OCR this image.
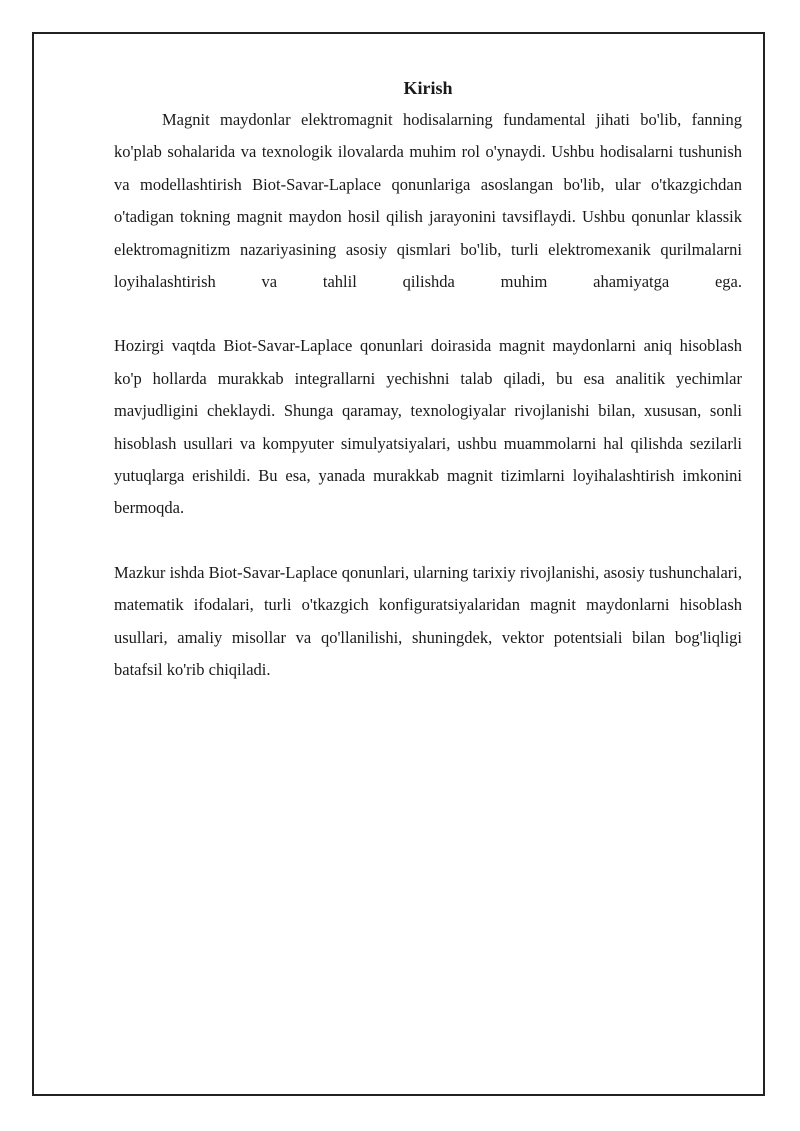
Kirish

Magnit maydonlar elektromagnit hodisalarning fundamental jihati bo'lib, fanning ko'plab sohalarida va texnologik ilovalarda muhim rol o'ynaydi. Ushbu hodisalarni tushunish va modellashtirish Biot-Savar-Laplace qonunlariga asoslangan bo'lib, ular o'tkazgichdan o'tadigan tokning magnit maydon hosil qilish jarayonini tavsiflaydi. Ushbu qonunlar klassik elektromagnitizm nazariyasining asosiy qismlari bo'lib, turli elektromexanik qurilmalarni loyihalashtirish va tahlil qilishda muhim ahamiyatga ega.

Hozirgi vaqtda Biot-Savar-Laplace qonunlari doirasida magnit maydonlarni aniq hisoblash ko'p hollarda murakkab integrallarni yechishni talab qiladi, bu esa analitik yechimlar mavjudligini cheklaydi. Shunga qaramay, texnologiyalar rivojlanishi bilan, xususan, sonli hisoblash usullari va kompyuter simulyatsiyalari, ushbu muammolarni hal qilishda sezilarli yutuqlarga erishildi. Bu esa, yanada murakkab magnit tizimlarni loyihalashtirish imkonini bermoqda.

Mazkur ishda Biot-Savar-Laplace qonunlari, ularning tarixiy rivojlanishi, asosiy tushunchalari, matematik ifodalari, turli o'tkazgich konfiguratsiyalaridan magnit maydonlarni hisoblash usullari, amaliy misollar va qo'llanilishi, shuningdek, vektor potentsiali bilan bog'liqligi batafsil ko'rib chiqiladi.
